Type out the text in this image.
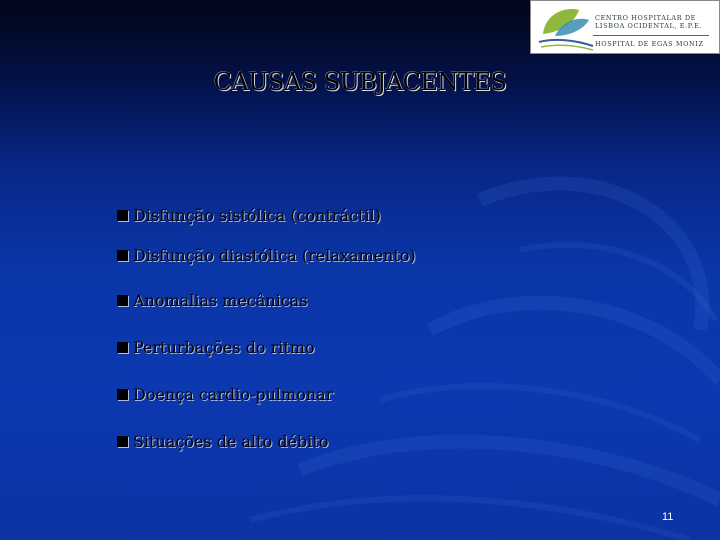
CENTRO HOSPITALAR DE
LISBOA OCIDENTAL, E.P.E.
HOSPITAL DE EGAS MONIZ
CAUSAS SUBJACENTES
Disfunção sistólica (contráctil)
Disfunção diastólica (relaxamento)
Anomalias mecânicas
Perturbações do ritmo
Doença cardio-pulmonar
Situações de alto débito
11
